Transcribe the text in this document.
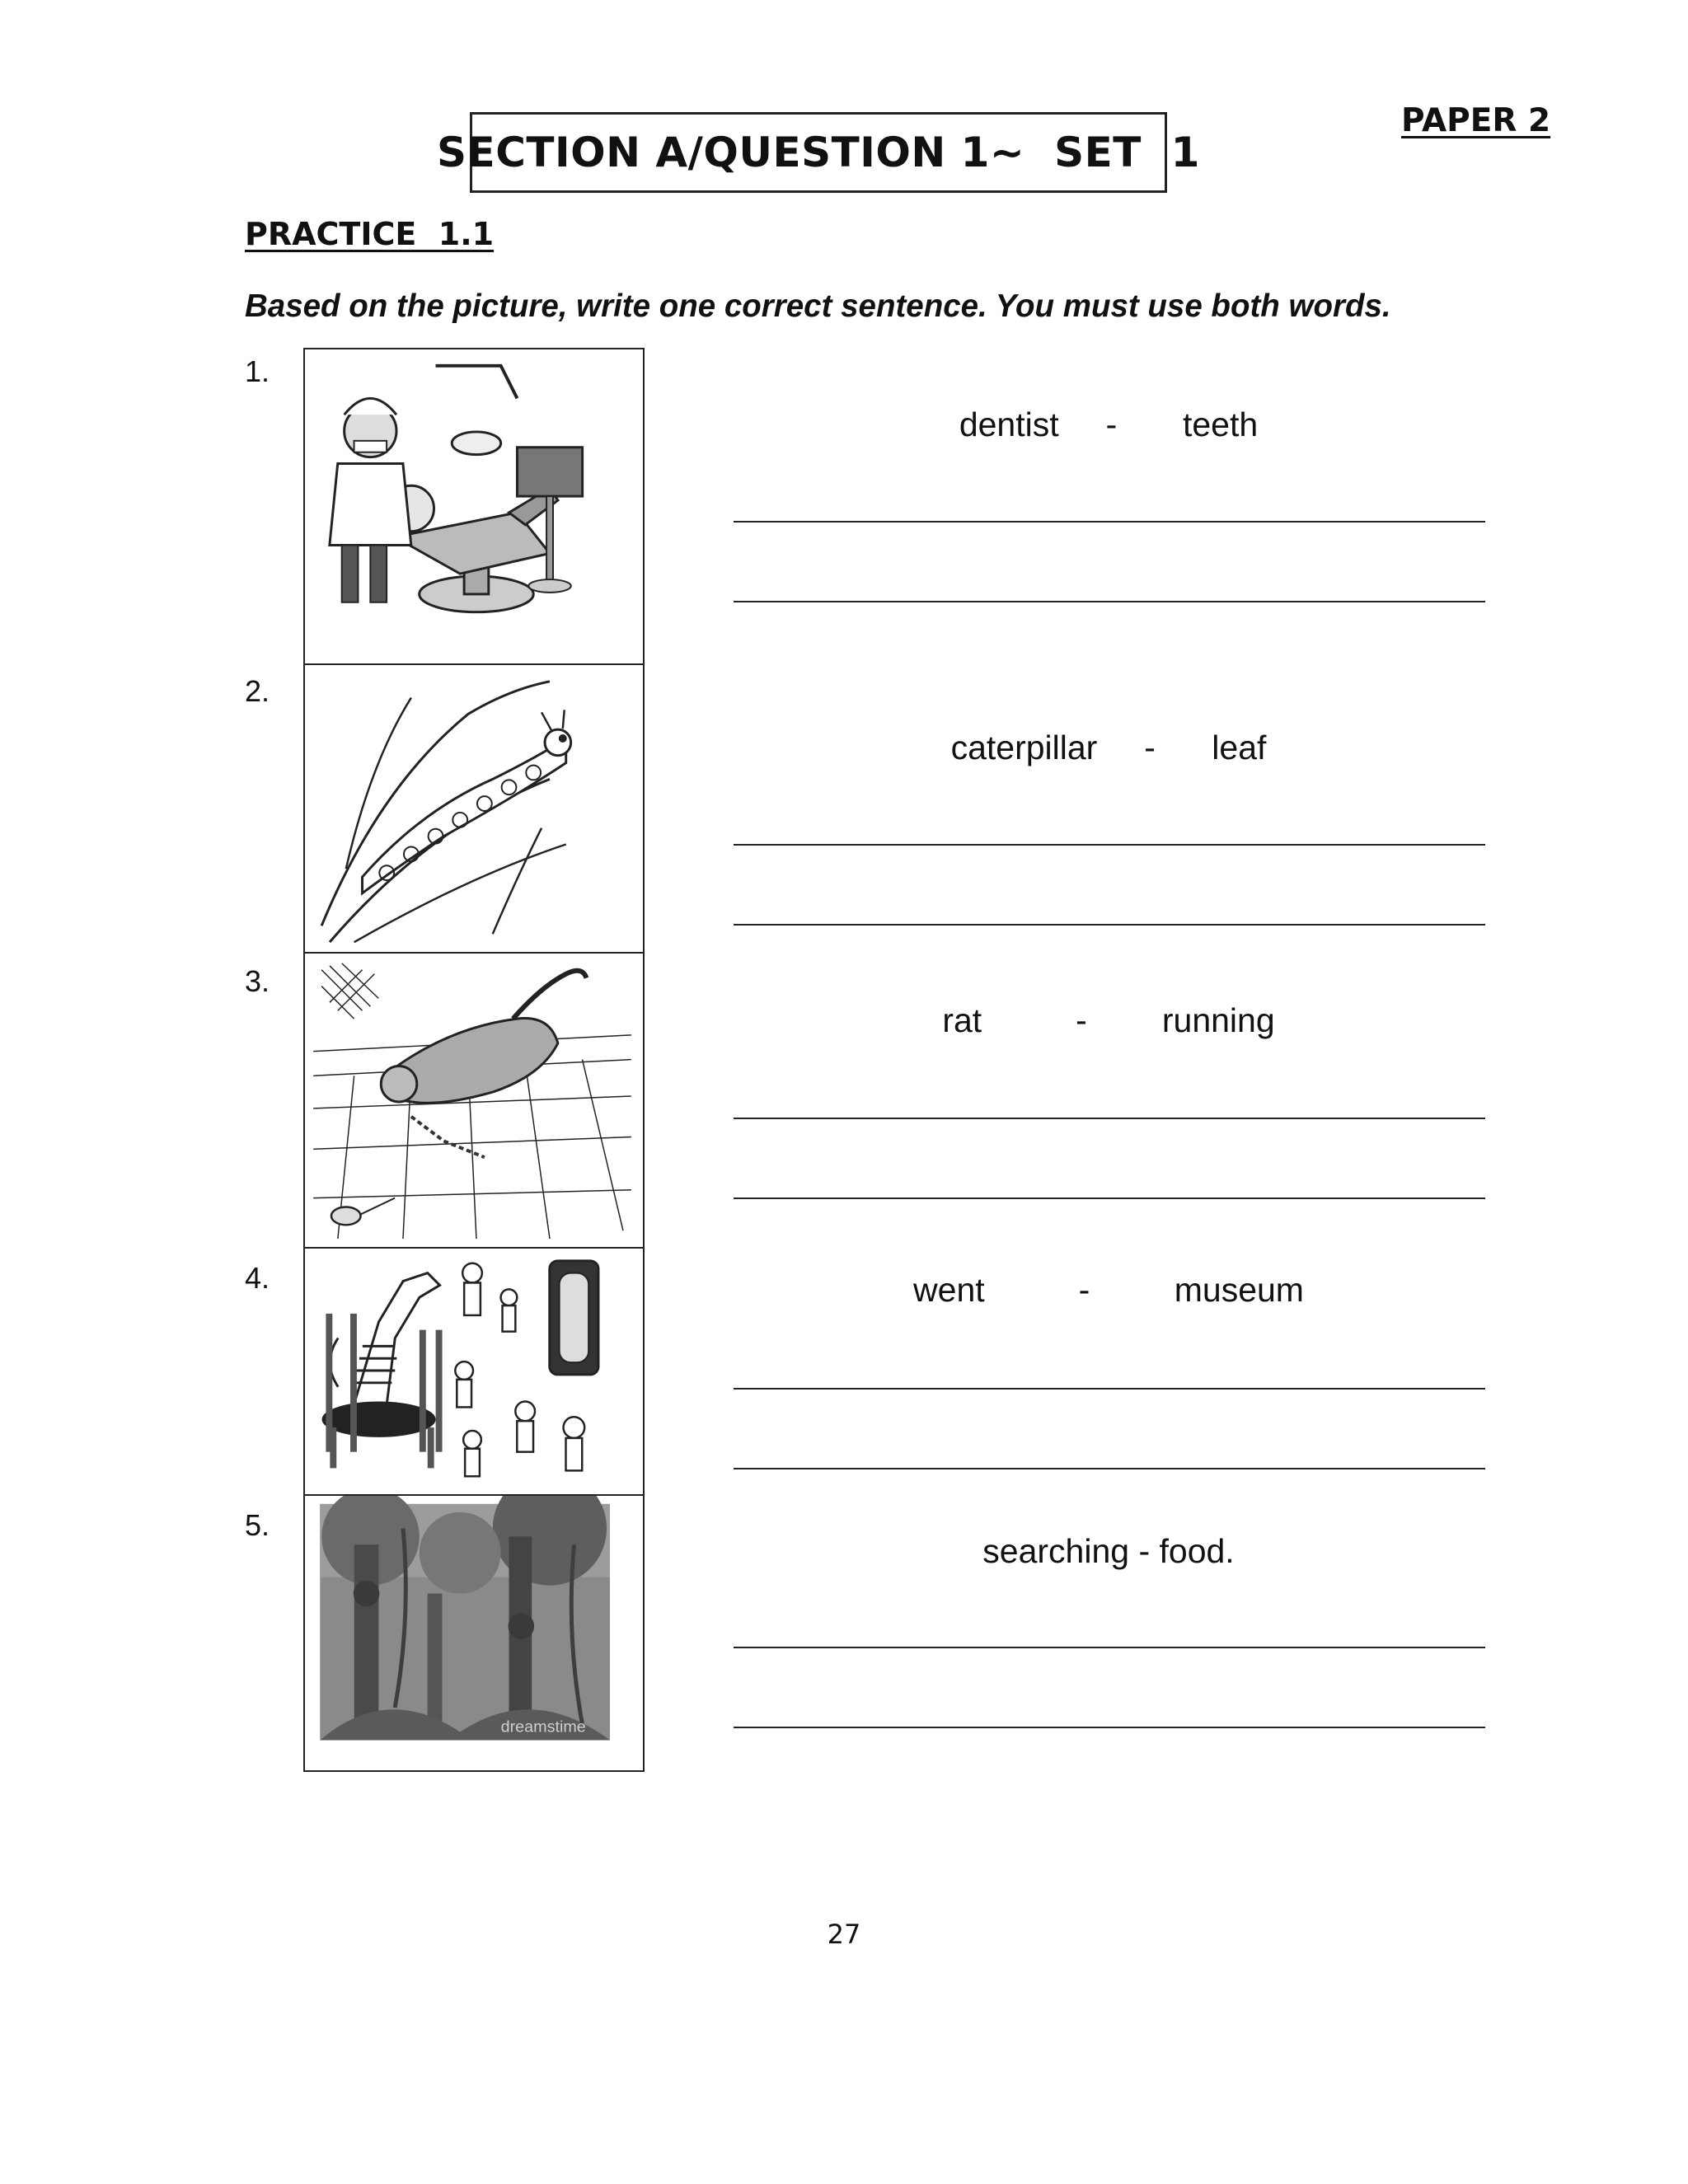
PAPER 2
SECTION A/QUESTION 1~  SET  1
PRACTICE  1.1
Based on the picture, write one correct sentence. You must use both words.
1.
dentist     -       teeth
2.
caterpillar     -      leaf
3.
rat          -        running
4.	went          -         museum
5.
dreamstime
searching - food.
27
